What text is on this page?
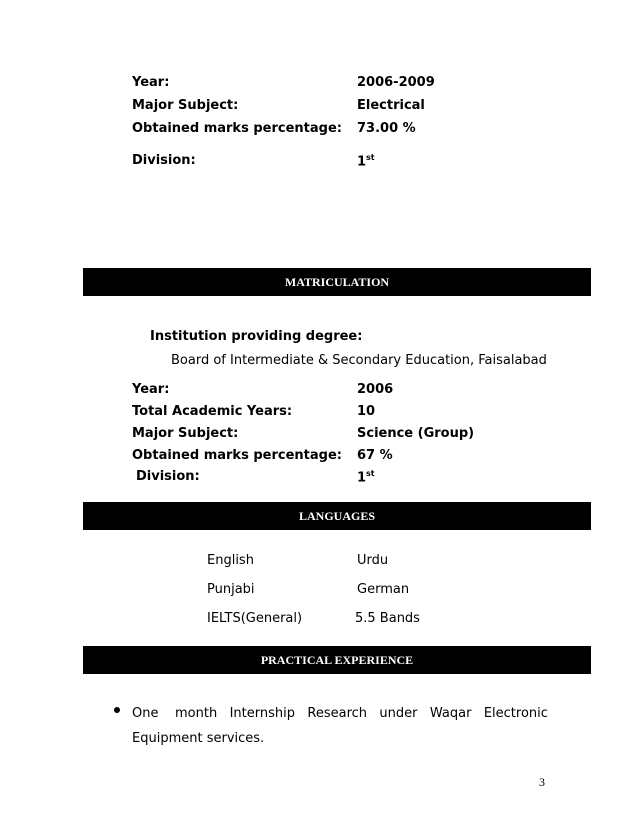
Year:	2006-2009
Major Subject:	Electrical
Obtained marks percentage: 73.00 %
Division:	1st
MATRICULATION
Institution providing degree:
Board of Intermediate & Secondary Education, Faisalabad
Year:	2006
Total Academic Years:	10
Major Subject:	Science (Group)
Obtained marks percentage: 67 %
Division:	1st
LANGUAGES
English	Urdu
Punjabi	German
IELTS(General)	5.5 Bands
PRACTICAL EXPERIENCE
One    month   Internship   Research   under   Waqar   Electronic
Equipment services.
3
